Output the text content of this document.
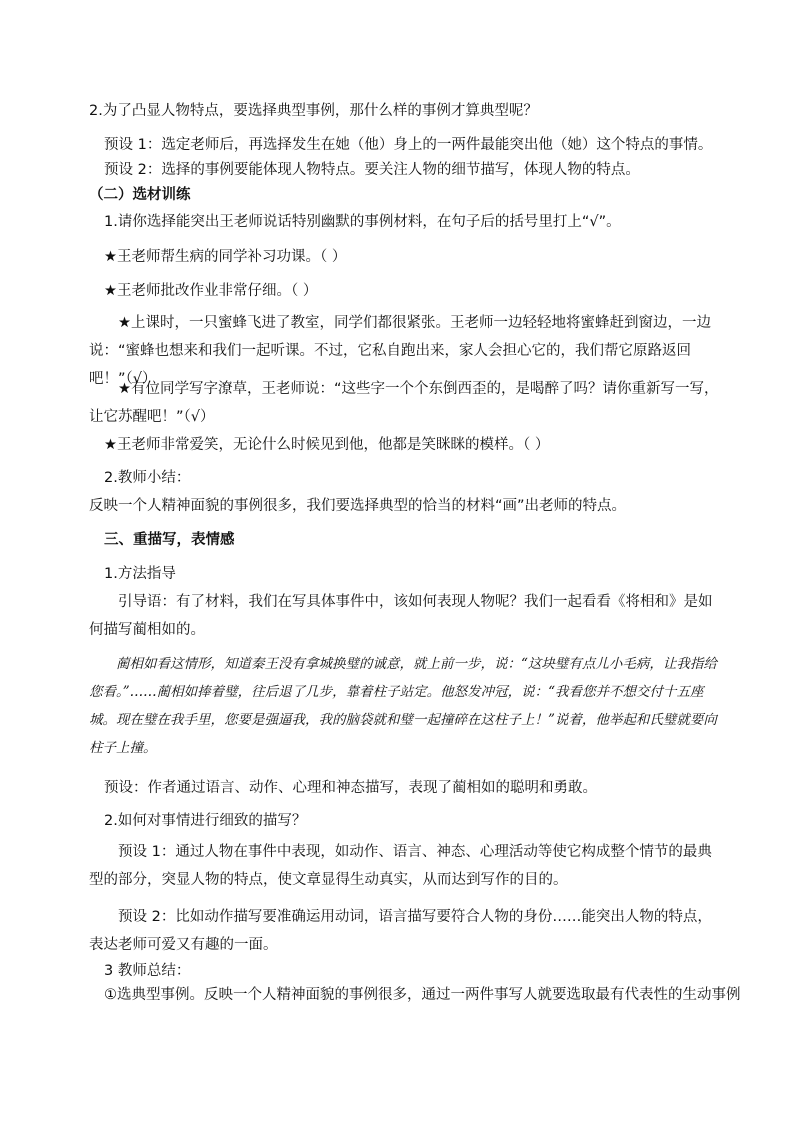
2.为了凸显人物特点，要选择典型事例，那什么样的事例才算典型呢？
预设 1：选定老师后，再选择发生在她（他）身上的一两件最能突出他（她）这个特点的事情。
预设 2：选择的事例要能体现人物特点。要关注人物的细节描写，体现人物的特点。
（二）选材训练
1.请你选择能突出王老师说话特别幽默的事例材料，在句子后的括号里打上“√”。
★王老师帮生病的同学补习功课。（ ）
★王老师批改作业非常仔细。（ ）
★上课时，一只蜜蜂飞进了教室，同学们都很紧张。王老师一边轻轻地将蜜蜂赶到窗边，一边说：“蜜蜂也想来和我们一起听课。不过，它私自跑出来，家人会担心它的，我们帮它原路返回吧！”（√）
★有位同学写字潦草，王老师说：“这些字一个个东倒西歪的，是喝醉了吗？请你重新写一写，让它苏醒吧！”（√）
★王老师非常爱笑，无论什么时候见到他，他都是笑眯眯的模样。（ ）
2.教师小结：
反映一个人精神面貌的事例很多，我们要选择典型的恰当的材料“画”出老师的特点。
三、重描写，表情感
1.方法指导
引导语：有了材料，我们在写具体事件中，该如何表现人物呢？我们一起看看《将相和》是如何描写蔺相如的。
蔺相如看这情形，知道秦王没有拿城换璧的诚意，就上前一步，说：“这块璧有点儿小毛病，让我指给您看。”……蔺相如捧着璧，往后退了几步，靠着柱子站定。他怒发冲冠，说：“我看您并不想交付十五座城。现在璧在我手里，您要是强逼我，我的脑袋就和璧一起撞碎在这柱子上！”说着，他举起和氏璧就要向柱子上撞。
预设：作者通过语言、动作、心理和神态描写，表现了蔺相如的聪明和勇敢。
2.如何对事情进行细致的描写？
预设 1：通过人物在事件中表现，如动作、语言、神态、心理活动等使它构成整个情节的最典型的部分，突显人物的特点，使文章显得生动真实，从而达到写作的目的。
预设 2：比如动作描写要准确运用动词，语言描写要符合人物的身份……能突出人物的特点，表达老师可爱又有趣的一面。
3 教师总结：
①选典型事例。反映一个人精神面貌的事例很多，通过一两件事写人就要选取最有代表性的生动事例
